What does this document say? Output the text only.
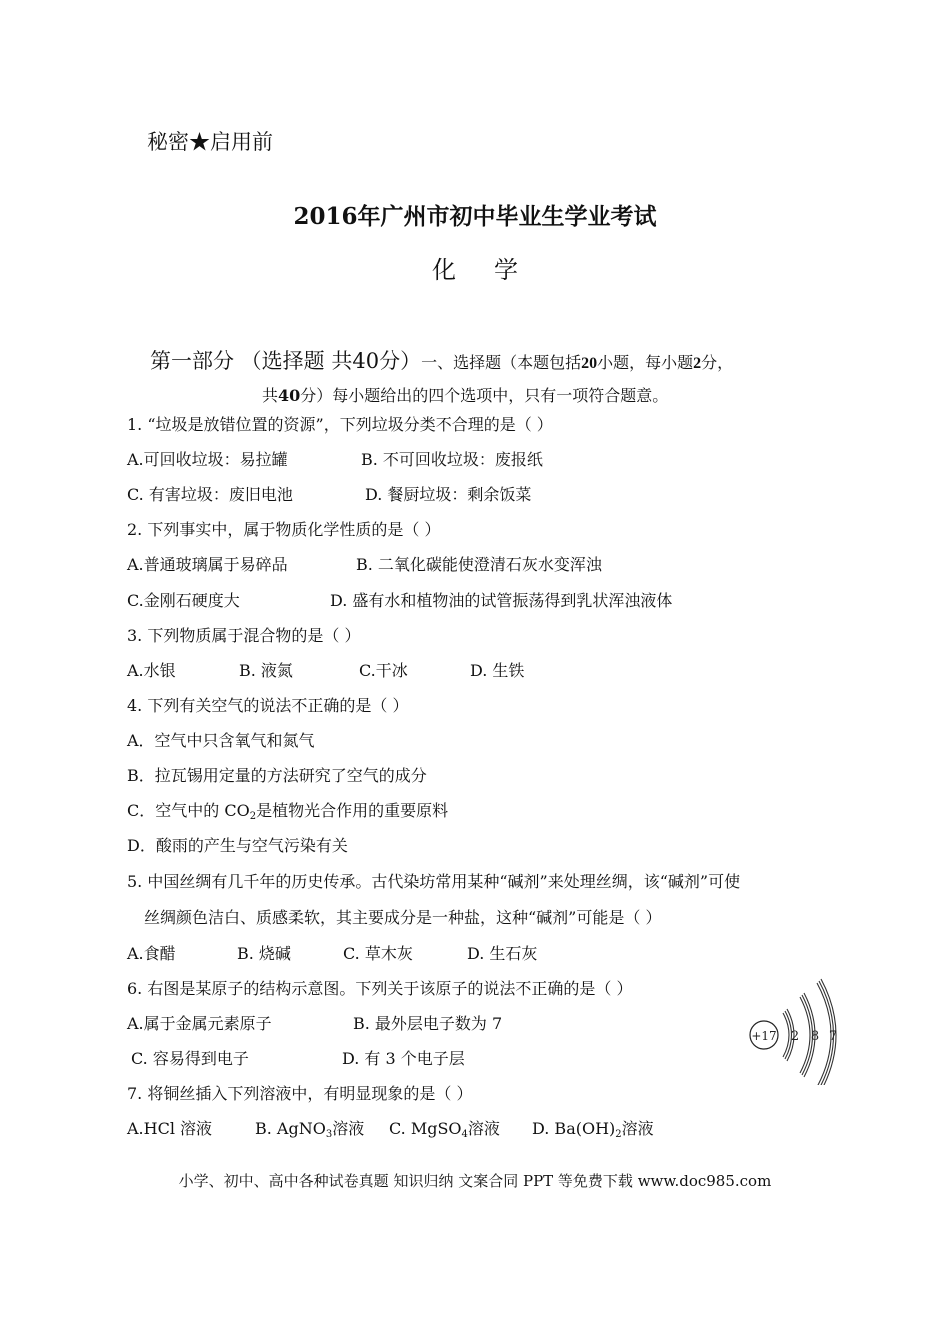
秘密★启用前
2016年广州市初中毕业生学业考试
化学
第一部分 （选择题 共40分）一、选择题（本题包括20小题，每小题2分，
共40分）每小题给出的四个选项中，只有一项符合题意。
1. “垃圾是放错位置的资源”，下列垃圾分类不合理的是（ ）
A.可回收垃圾：易拉罐	B. 不可回收垃圾：废报纸
C. 有害垃圾：废旧电池	D. 餐厨垃圾：剩余饭菜
2. 下列事实中，属于物质化学性质的是（ ）
A.普通玻璃属于易碎品	B. 二氧化碳能使澄清石灰水变浑浊
C.金刚石硬度大	D. 盛有水和植物油的试管振荡得到乳状浑浊液体
3. 下列物质属于混合物的是（ ）
A.水银	B. 液氮	C.干冰	D. 生铁
4. 下列有关空气的说法不正确的是（ ）
A．空气中只含氧气和氮气
B．拉瓦锡用定量的方法研究了空气的成分
C．空气中的 $CO_2$是植物光合作用的重要原料
D．酸雨的产生与空气污染有关
5. 中国丝绸有几千年的历史传承。古代染坊常用某种“碱剂”来处理丝绸，该“碱剂”可使
丝绸颜色洁白、质感柔软，其主要成分是一种盐，这种“碱剂”可能是（ ）
A.食醋	B. 烧碱	C. 草木灰	D. 生石灰
6. 右图是某原子的结构示意图。下列关于该原子的说法不正确的是（ ）
A.属于金属元素原子	B. 最外层电子数为 7
C. 容易得到电子	D. 有 3 个电子层
+17 2 8 7
7. 将铜丝插入下列溶液中，有明显现象的是（ ）
A.HCl 溶液	B. AgNO$_3$溶液 C. MgSO$_4$溶液 D. $Ba(OH)_2$溶液
小学、初中、高中各种试卷真题 知识归纳 文案合同 PPT 等免费下载 www.doc985.com
